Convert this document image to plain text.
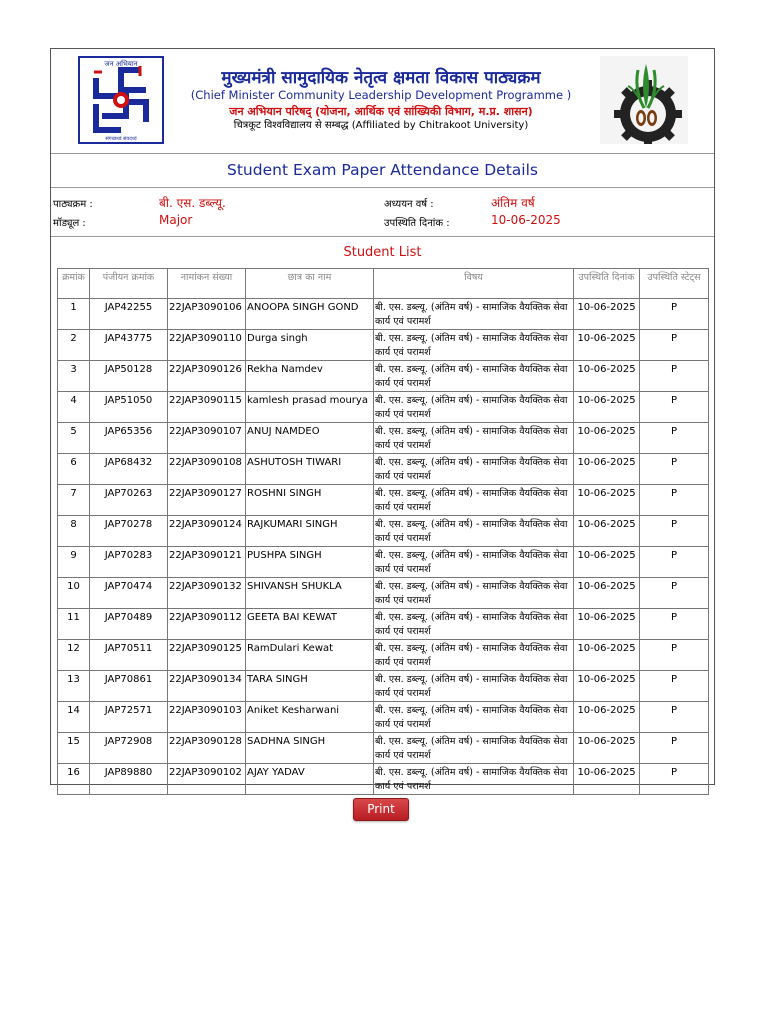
जन अभियान
संगच्छध्वं संवदध्वं
मुख्यमंत्री सामुदायिक नेतृत्व क्षमता विकास पाठ्यक्रम
(Chief Minister Community Leadership Development Programme )
जन अभियान परिषद् (योजना, आर्थिक एवं सांख्यिकी विभाग, म.प्र. शासन)
चित्रकूट विश्वविद्यालय से सम्बद्ध (Affiliated by Chitrakoot University)
Student Exam Paper Attendance Details
पाठ्यक्रम :	बी. एस. डब्ल्यू.	अध्ययन वर्ष :	अंतिम वर्ष
मॉड्यूल :	Major	उपस्थिति दिनांक :	10-06-2025
Student List
क्रमांक	पंजीयन क्रमांक	नामांकन संख्या	छात्र का नाम	विषय	उपस्थिति दिनांक	उपस्थिति स्टेट्स
1	JAP42255	22JAP3090106	ANOOPA SINGH GOND	बी. एस. डब्ल्यू. (अंतिम वर्ष) - सामाजिक वैयक्तिक सेवा कार्य एवं परामर्श	10-06-2025	P
2	JAP43775	22JAP3090110	Durga singh	बी. एस. डब्ल्यू. (अंतिम वर्ष) - सामाजिक वैयक्तिक सेवा कार्य एवं परामर्श	10-06-2025	P
3	JAP50128	22JAP3090126	Rekha Namdev	बी. एस. डब्ल्यू. (अंतिम वर्ष) - सामाजिक वैयक्तिक सेवा कार्य एवं परामर्श	10-06-2025	P
4	JAP51050	22JAP3090115	kamlesh prasad mourya	बी. एस. डब्ल्यू. (अंतिम वर्ष) - सामाजिक वैयक्तिक सेवा कार्य एवं परामर्श	10-06-2025	P
5	JAP65356	22JAP3090107	ANUJ NAMDEO	बी. एस. डब्ल्यू. (अंतिम वर्ष) - सामाजिक वैयक्तिक सेवा कार्य एवं परामर्श	10-06-2025	P
6	JAP68432	22JAP3090108	ASHUTOSH TIWARI	बी. एस. डब्ल्यू. (अंतिम वर्ष) - सामाजिक वैयक्तिक सेवा कार्य एवं परामर्श	10-06-2025	P
7	JAP70263	22JAP3090127	ROSHNI SINGH	बी. एस. डब्ल्यू. (अंतिम वर्ष) - सामाजिक वैयक्तिक सेवा कार्य एवं परामर्श	10-06-2025	P
8	JAP70278	22JAP3090124	RAJKUMARI SINGH	बी. एस. डब्ल्यू. (अंतिम वर्ष) - सामाजिक वैयक्तिक सेवा कार्य एवं परामर्श	10-06-2025	P
9	JAP70283	22JAP3090121	PUSHPA SINGH	बी. एस. डब्ल्यू. (अंतिम वर्ष) - सामाजिक वैयक्तिक सेवा कार्य एवं परामर्श	10-06-2025	P
10	JAP70474	22JAP3090132	SHIVANSH SHUKLA	बी. एस. डब्ल्यू. (अंतिम वर्ष) - सामाजिक वैयक्तिक सेवा कार्य एवं परामर्श	10-06-2025	P
11	JAP70489	22JAP3090112	GEETA BAI KEWAT	बी. एस. डब्ल्यू. (अंतिम वर्ष) - सामाजिक वैयक्तिक सेवा कार्य एवं परामर्श	10-06-2025	P
12	JAP70511	22JAP3090125	RamDulari Kewat	बी. एस. डब्ल्यू. (अंतिम वर्ष) - सामाजिक वैयक्तिक सेवा कार्य एवं परामर्श	10-06-2025	P
13	JAP70861	22JAP3090134	TARA SINGH	बी. एस. डब्ल्यू. (अंतिम वर्ष) - सामाजिक वैयक्तिक सेवा कार्य एवं परामर्श	10-06-2025	P
14	JAP72571	22JAP3090103	Aniket Kesharwani	बी. एस. डब्ल्यू. (अंतिम वर्ष) - सामाजिक वैयक्तिक सेवा कार्य एवं परामर्श	10-06-2025	P
15	JAP72908	22JAP3090128	SADHNA SINGH	बी. एस. डब्ल्यू. (अंतिम वर्ष) - सामाजिक वैयक्तिक सेवा कार्य एवं परामर्श	10-06-2025	P
16	JAP89880	22JAP3090102	AJAY YADAV	बी. एस. डब्ल्यू. (अंतिम वर्ष) - सामाजिक वैयक्तिक सेवा कार्य एवं परामर्श	10-06-2025	P
Print
